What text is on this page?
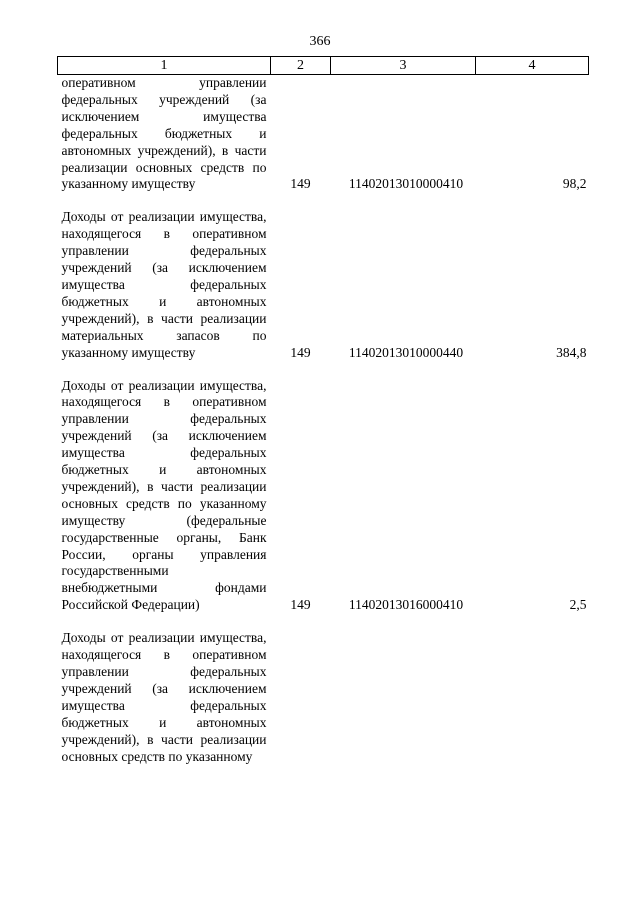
366
1	2	3	4
оперативном управлении федеральных учреждений (за исключением имущества федеральных бюджетных и автономных учреждений), в части реализации основных средств по указанному имуществу	149	11402013010000410	98,2

Доходы от реализации имущества, находящегося в оперативном управлении федеральных учреждений (за исключением имущества федеральных бюджетных и автономных учреждений), в части реализации материальных запасов по указанному имуществу	149	11402013010000440	384,8

Доходы от реализации имущества, находящегося в оперативном управлении федеральных учреждений (за исключением имущества федеральных бюджетных и автономных учреждений), в части реализации основных средств по указанному имуществу (федеральные государственные органы, Банк России, органы управления государственными внебюджетными фондами Российской Федерации)	149	11402013016000410	2,5

Доходы от реализации имущества, находящегося в оперативном управлении федеральных учреждений (за исключением имущества федеральных бюджетных и автономных учреждений), в части реализации основных средств по указанному			
